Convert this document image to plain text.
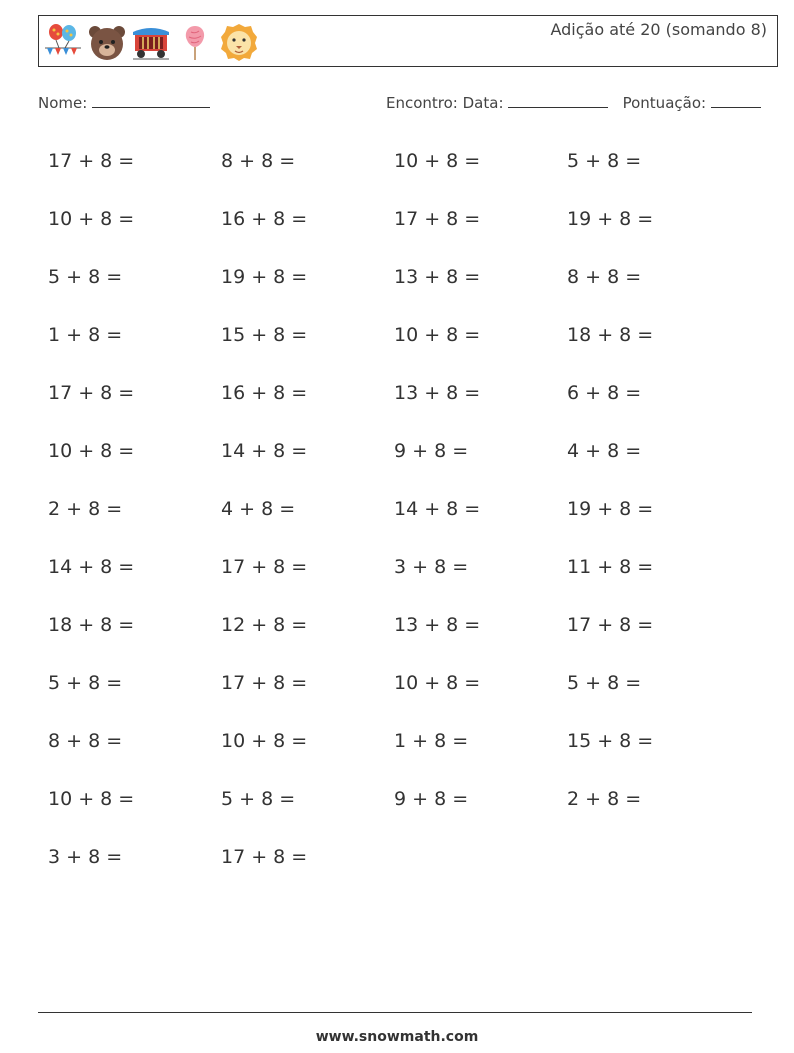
Adição até 20 (somando 8)
Nome:	Encontro: Data:	Pontuação:
17 + 8 =	8 + 8 =	10 + 8 =	5 + 8 =
10 + 8 =	16 + 8 =	17 + 8 =	19 + 8 =
5 + 8 =	19 + 8 =	13 + 8 =	8 + 8 =
1 + 8 =	15 + 8 =	10 + 8 =	18 + 8 =
17 + 8 =	16 + 8 =	13 + 8 =	6 + 8 =
10 + 8 =	14 + 8 =	9 + 8 =	4 + 8 =
2 + 8 =	4 + 8 =	14 + 8 =	19 + 8 =
14 + 8 =	17 + 8 =	3 + 8 =	11 + 8 =
18 + 8 =	12 + 8 =	13 + 8 =	17 + 8 =
5 + 8 =	17 + 8 =	10 + 8 =	5 + 8 =
8 + 8 =	10 + 8 =	1 + 8 =	15 + 8 =
10 + 8 =	5 + 8 =	9 + 8 =	2 + 8 =
3 + 8 =	17 + 8 =
www.snowmath.com
